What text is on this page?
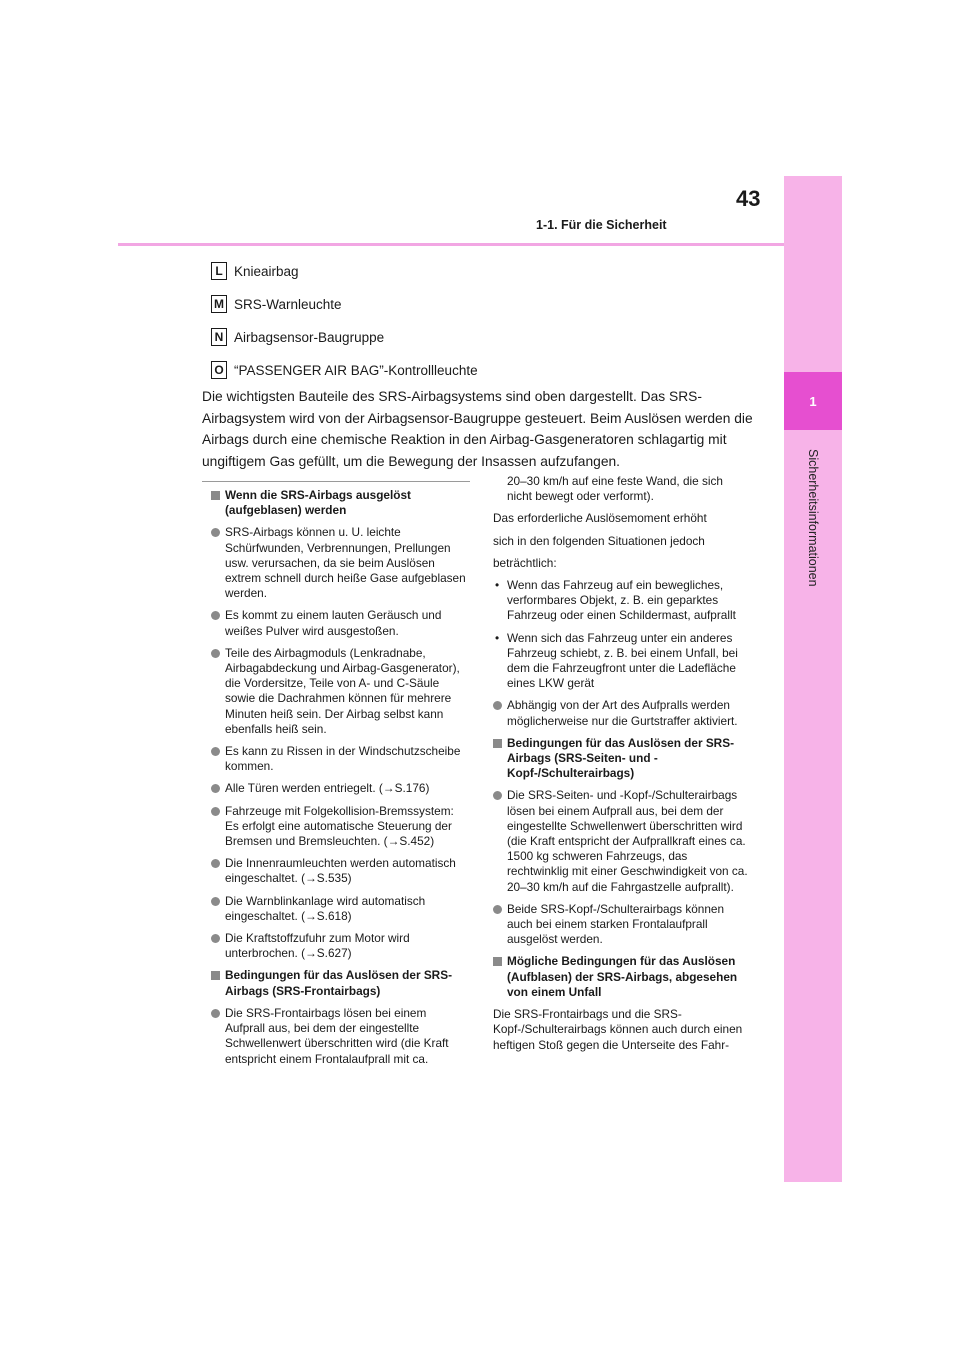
1
Sicherheitsinformationen
43
1-1. Für die Sicherheit
L Knieairbag
M SRS-Warnleuchte
N Airbagsensor-Baugruppe
O “PASSENGER AIR BAG”-Kontrollleuchte

Die wichtigsten Bauteile des SRS-Airbagsystems sind oben dargestellt. Das SRS-Airbagsystem wird von der Airbagsensor-Baugruppe gesteuert. Beim Auslösen werden die Airbags durch eine chemische Reaktion in den Airbag-Gasgeneratoren schlagartig mit ungiftigem Gas gefüllt, um die Bewegung der Insassen aufzufangen.

Wenn die SRS-Airbags ausgelöst (aufgeblasen) werden

SRS-Airbags können u. U. leichte Schürfwunden, Verbrennungen, Prellungen usw. verursachen, da sie beim Auslösen extrem schnell durch heiße Gase aufgeblasen werden.

Es kommt zu einem lauten Geräusch und weißes Pulver wird ausgestoßen.

Teile des Airbagmoduls (Lenkradnabe, Airbagabdeckung und Airbag-Gasgenerator), die Vordersitze, Teile von A- und C-Säule sowie die Dachrahmen können für mehrere Minuten heiß sein. Der Airbag selbst kann ebenfalls heiß sein.

Es kann zu Rissen in der Windschutzscheibe kommen.

Alle Türen werden entriegelt. (→S.176)

Fahrzeuge mit Folgekollision-Bremssystem: Es erfolgt eine automatische Steuerung der Bremsen und Bremsleuchten. (→S.452)

Die Innenraumleuchten werden automatisch eingeschaltet. (→S.535)

Die Warnblinkanlage wird automatisch eingeschaltet. (→S.618)

Die Kraftstoffzufuhr zum Motor wird unterbrochen. (→S.627)

Bedingungen für das Auslösen der SRS-Airbags (SRS-Frontairbags)

Die SRS-Frontairbags lösen bei einem Aufprall aus, bei dem der eingestellte Schwellenwert überschritten wird (die Kraft entspricht einem Frontalaufprall mit ca.

20–30 km/h auf eine feste Wand, die sich nicht bewegt oder verformt).

Das erforderliche Auslösemoment erhöht

sich in den folgenden Situationen jedoch

beträchtlich:

• Wenn das Fahrzeug auf ein bewegliches, verformbares Objekt, z. B. ein geparktes Fahrzeug oder einen Schildermast, aufprallt

• Wenn sich das Fahrzeug unter ein anderes Fahrzeug schiebt, z. B. bei einem Unfall, bei dem die Fahrzeugfront unter die Ladefläche eines LKW gerät

Abhängig von der Art des Aufpralls werden möglicherweise nur die Gurtstraffer aktiviert.

Bedingungen für das Auslösen der SRS-Airbags (SRS-Seiten- und -Kopf-/Schulterairbags)

Die SRS-Seiten- und -Kopf-/Schulterairbags lösen bei einem Aufprall aus, bei dem der eingestellte Schwellenwert überschritten wird (die Kraft entspricht der Aufprallkraft eines ca. 1500 kg schweren Fahrzeugs, das rechtwinklig mit einer Geschwindigkeit von ca. 20–30 km/h auf die Fahrgastzelle aufprallt).

Beide SRS-Kopf-/Schulterairbags können auch bei einem starken Frontalaufprall ausgelöst werden.

Mögliche Bedingungen für das Auslösen (Aufblasen) der SRS-Airbags, abgesehen von einem Unfall

Die SRS-Frontairbags und die SRS-Kopf-/Schulterairbags können auch durch einen heftigen Stoß gegen die Unterseite des Fahr-
